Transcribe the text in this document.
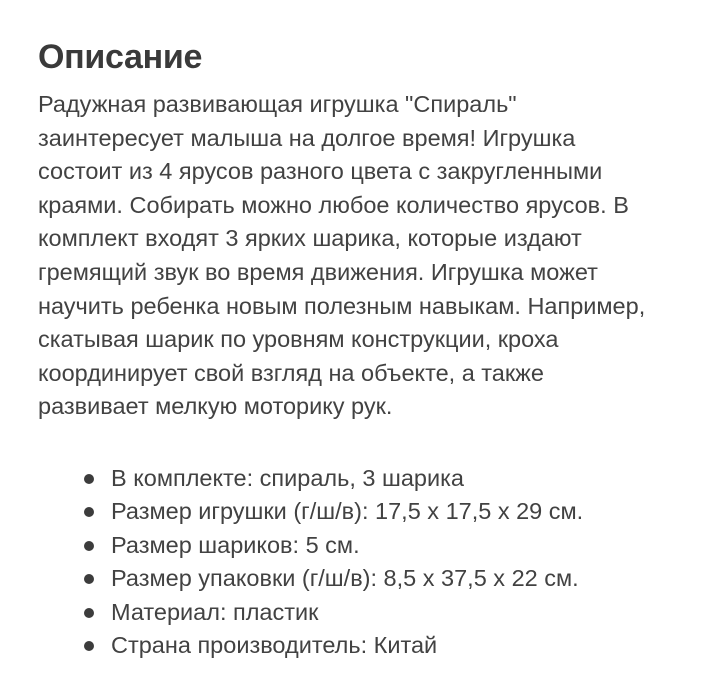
Описание

Радужная развивающая игрушка "Спираль"
заинтересует малыша на долгое время! Игрушка
состоит из 4 ярусов разного цвета с закругленными
краями. Собирать можно любое количество ярусов. В
комплект входят 3 ярких шарика, которые издают
гремящий звук во время движения. Игрушка может
научить ребенка новым полезным навыкам. Например,
скатывая шарик по уровням конструкции, кроха
координирует свой взгляд на объекте, а также
развивает мелкую моторику рук.

В комплекте: спираль, 3 шарика
Размер игрушки (г/ш/в): 17,5 х 17,5 х 29 см.
Размер шариков: 5 см.
Размер упаковки (г/ш/в): 8,5 х 37,5 х 22 см.
Материал: пластик
Страна производитель: Китай
